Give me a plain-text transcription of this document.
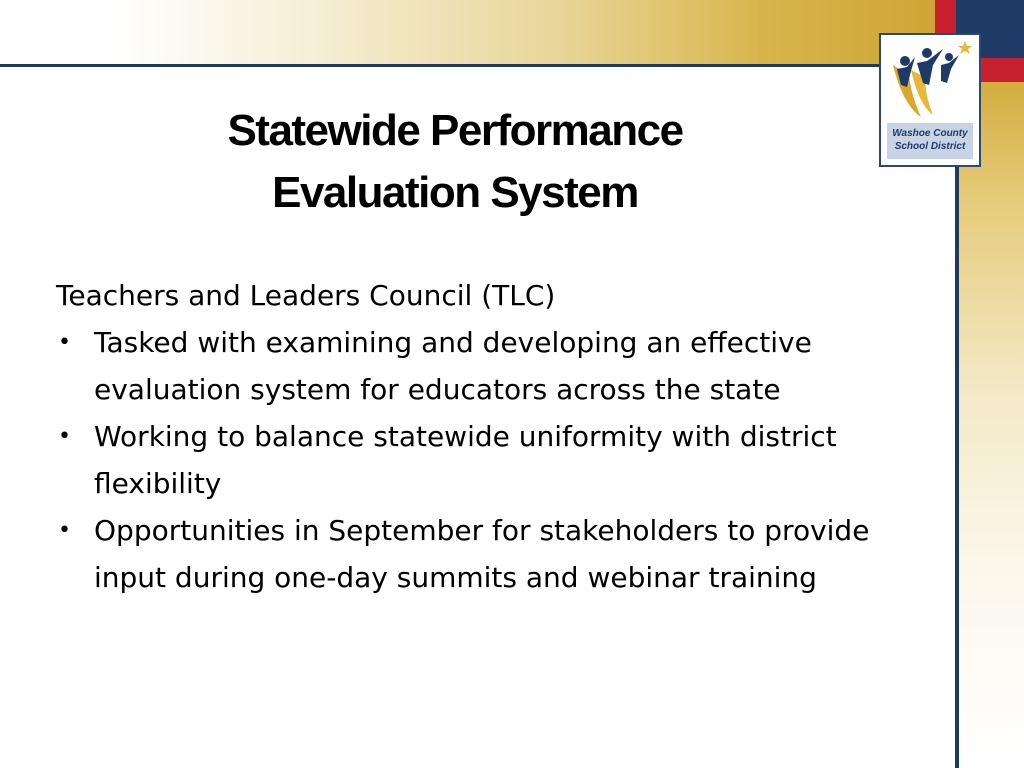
Washoe County
School District
Statewide Performance
Evaluation System

Teachers and Leaders Council (TLC)

• Tasked with examining and developing an effective evaluation system for educators across the state
• Working to balance statewide uniformity with district flexibility
• Opportunities in September for stakeholders to provide input during one-day summits and webinar training
